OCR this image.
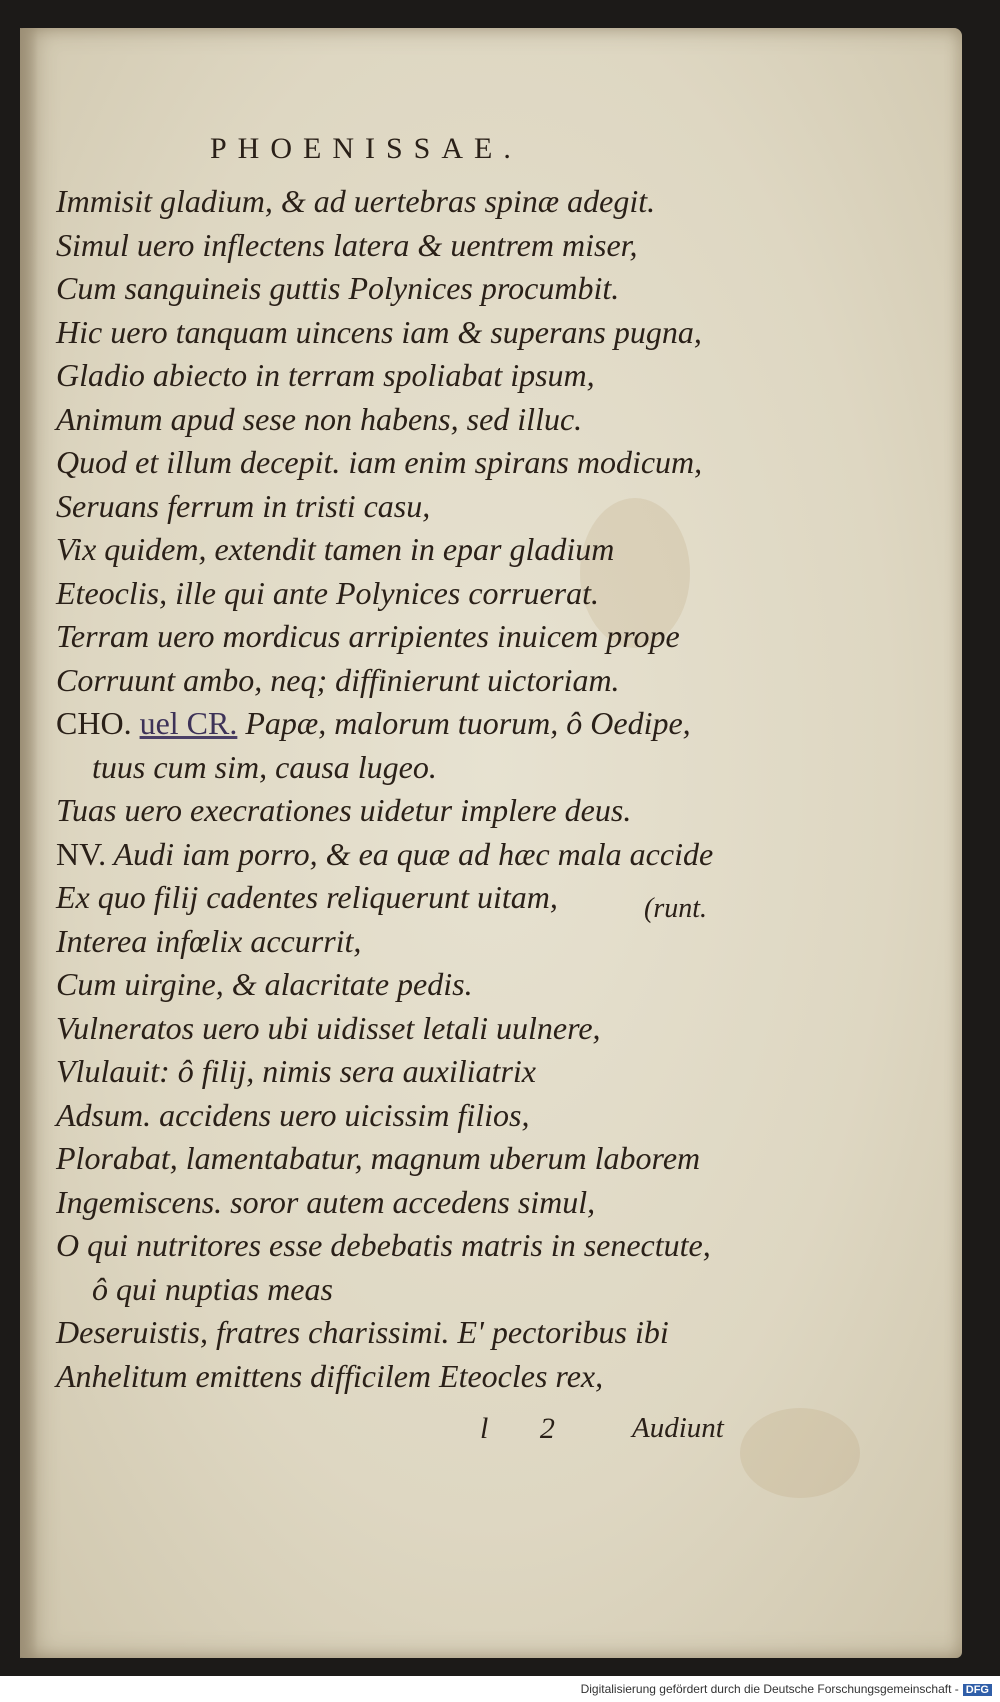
PHOENISSAE.
Immisit gladium, & ad uertebras spinæ adegit.
Simul uero inflectens latera & uentrem miser,
Cum sanguineis guttis Polynices procumbit.
Hic uero tanquam uincens iam & superans pugna,
Gladio abiecto in terram spoliabat ipsum,
Animum apud sese non habens, sed illuc.
Quod et illum decepit. iam enim spirans modicum,
Seruans ferrum in tristi casu,
Vix quidem, extendit tamen in epar gladium
Eteoclis, ille qui ante Polynices corruerat.
Terram uero mordicus arripientes inuicem prope
Corruunt ambo, neq; diffinierunt uictoriam.
CHO. uel CR. Papæ, malorum tuorum, ô Oedipe,
tuus cum sim, causa lugeo.
Tuas uero execrationes uidetur implere deus.
NV. Audi iam porro, & ea quæ ad hæc mala accide
Ex quo filij cadentes reliquerunt uitam,
Interea infœlix accurrit,
Cum uirgine, & alacritate pedis.
Vulneratos uero ubi uidisset letali uulnere,
Vlulauit: ô filij, nimis sera auxiliatrix
Adsum. accidens uero uicissim filios,
Plorabat, lamentabatur, magnum uberum laborem
Ingemiscens. soror autem accedens simul,
O qui nutritores esse debebatis matris in senectute,
ô qui nuptias meas
Deseruistis, fratres charissimi. E' pectoribus ibi
Anhelitum emittens difficilem Eteocles rex,
(runt.
l 2 Audiunt
Digitalisierung gefördert durch die Deutsche Forschungsgemeinschaft - DFG
